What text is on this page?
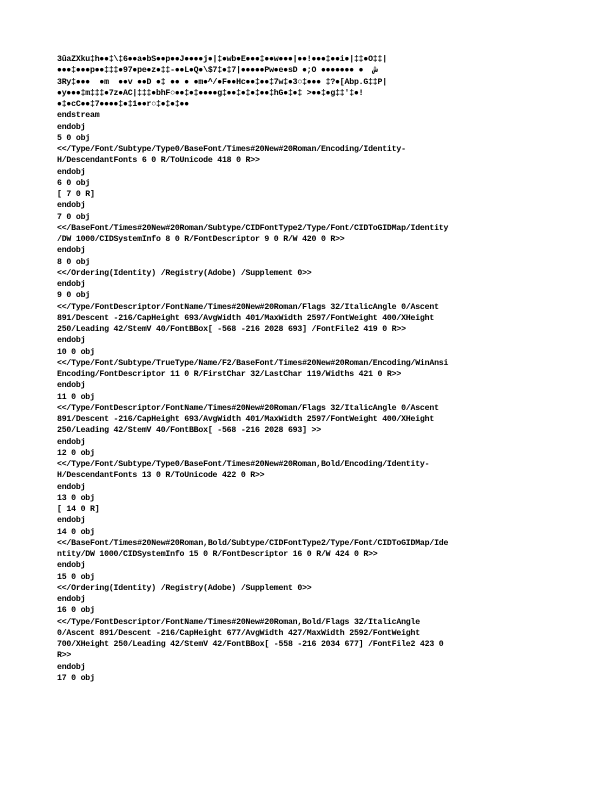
3ûaZXku‡h●●‡\‡6●●a●bS●●p●●J●●●●j●|‡●wb●E●●●‡●●w●●●|●●!●●●‡●●i●|‡‡●O‡‡|
●●●‡●●●p●●‡‡‡●97●pe●z●‡‡-●●L●Q●\$7‡●‡7|●●●●●Pw●e●sD ●;O ●●●●●●● ●  ش
3Ry‡●●●  ●m  ●●v ●●D ●‡ ●● ● ●m●^/●F●●Hc●●‡●●‡7w‡●3○‡●●● ‡?●[Abp.G‡‡P|
●y●●●‡m‡‡‡●7z●AC|‡‡‡●bhF○●●‡●‡●●●●g‡●●‡●‡●‡●●‡hG●‡●‡ >●●‡●g‡‡'‡●!
●‡●cC●●‡7●●●●‡●‡1●●r○‡●‡●‡●●
endstream
endobj
5 0 obj
<</Type/Font/Subtype/Type0/BaseFont/Times#20New#20Roman/Encoding/Identity-
H/DescendantFonts 6 0 R/ToUnicode 418 0 R>>
endobj
6 0 obj
[ 7 0 R]
endobj
7 0 obj
<</BaseFont/Times#20New#20Roman/Subtype/CIDFontType2/Type/Font/CIDToGIDMap/Identity
/DW 1000/CIDSystemInfo 8 0 R/FontDescriptor 9 0 R/W 420 0 R>>
endobj
8 0 obj
<</Ordering(Identity) /Registry(Adobe) /Supplement 0>>
endobj
9 0 obj
<</Type/FontDescriptor/FontName/Times#20New#20Roman/Flags 32/ItalicAngle 0/Ascent
891/Descent -216/CapHeight 693/AvgWidth 401/MaxWidth 2597/FontWeight 400/XHeight
250/Leading 42/StemV 40/FontBBox[ -568 -216 2028 693] /FontFile2 419 0 R>>
endobj
10 0 obj
<</Type/Font/Subtype/TrueType/Name/F2/BaseFont/Times#20New#20Roman/Encoding/WinAnsi
Encoding/FontDescriptor 11 0 R/FirstChar 32/LastChar 119/Widths 421 0 R>>
endobj
11 0 obj
<</Type/FontDescriptor/FontName/Times#20New#20Roman/Flags 32/ItalicAngle 0/Ascent
891/Descent -216/CapHeight 693/AvgWidth 401/MaxWidth 2597/FontWeight 400/XHeight
250/Leading 42/StemV 40/FontBBox[ -568 -216 2028 693] >>
endobj
12 0 obj
<</Type/Font/Subtype/Type0/BaseFont/Times#20New#20Roman,Bold/Encoding/Identity-
H/DescendantFonts 13 0 R/ToUnicode 422 0 R>>
endobj
13 0 obj
[ 14 0 R]
endobj
14 0 obj
<</BaseFont/Times#20New#20Roman,Bold/Subtype/CIDFontType2/Type/Font/CIDToGIDMap/Ide
ntity/DW 1000/CIDSystemInfo 15 0 R/FontDescriptor 16 0 R/W 424 0 R>>
endobj
15 0 obj
<</Ordering(Identity) /Registry(Adobe) /Supplement 0>>
endobj
16 0 obj
<</Type/FontDescriptor/FontName/Times#20New#20Roman,Bold/Flags 32/ItalicAngle
0/Ascent 891/Descent -216/CapHeight 677/AvgWidth 427/MaxWidth 2592/FontWeight
700/XHeight 250/Leading 42/StemV 42/FontBBox[ -558 -216 2034 677] /FontFile2 423 0
R>>
endobj
17 0 obj
